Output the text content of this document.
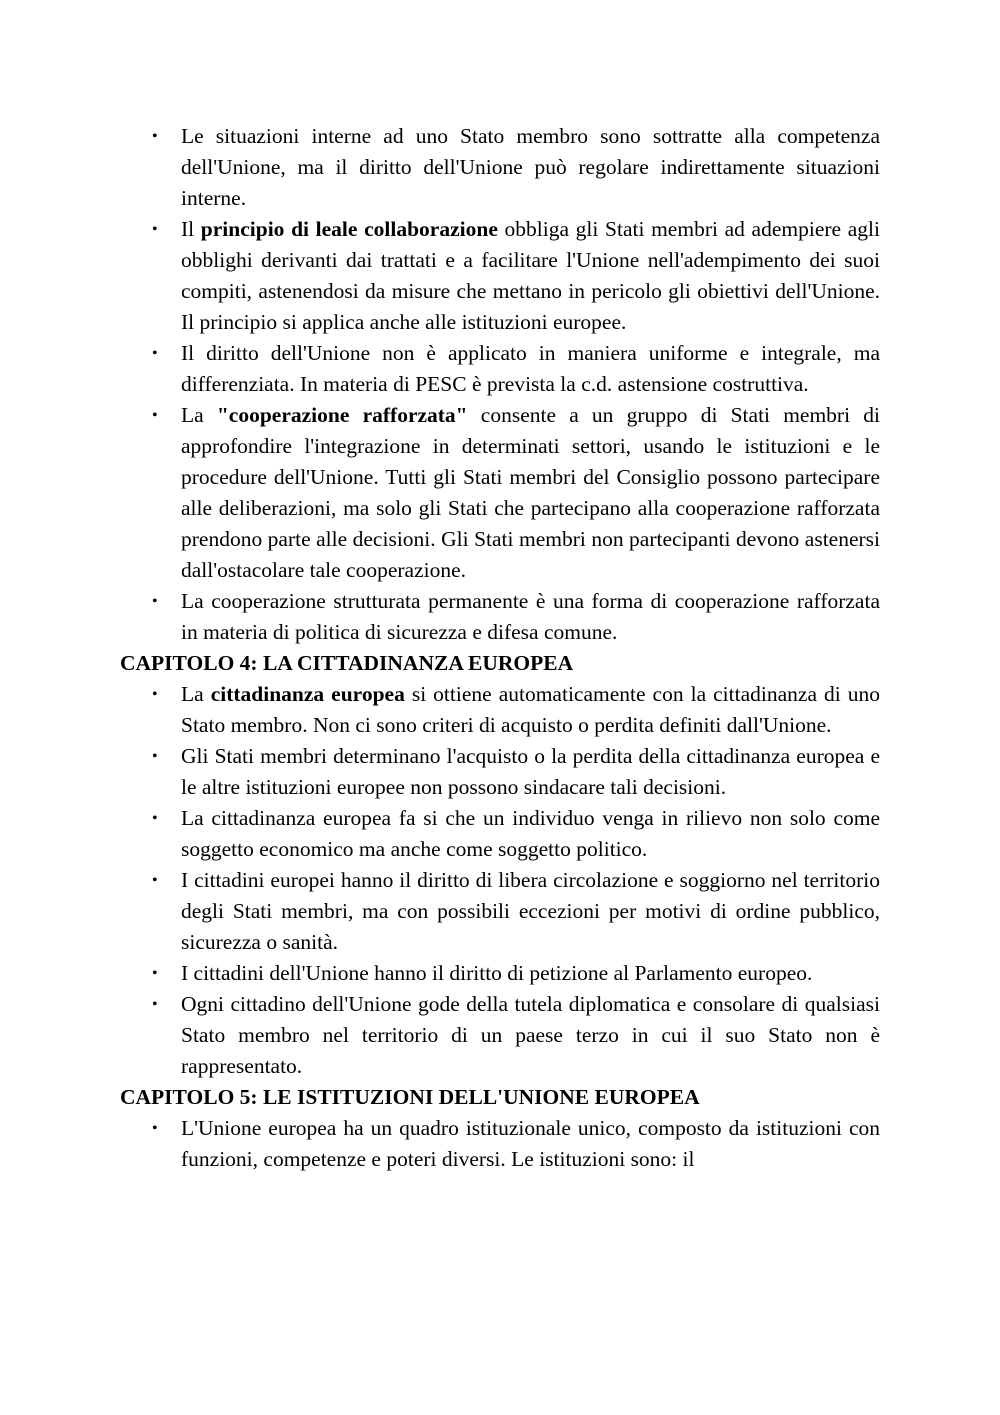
• Le situazioni interne ad uno Stato membro sono sottratte alla competenza dell'Unione, ma il diritto dell'Unione può regolare indirettamente situazioni interne.
• Il principio di leale collaborazione obbliga gli Stati membri ad adempiere agli obblighi derivanti dai trattati e a facilitare l'Unione nell'adempimento dei suoi compiti, astenendosi da misure che mettano in pericolo gli obiettivi dell'Unione. Il principio si applica anche alle istituzioni europee.
• Il diritto dell'Unione non è applicato in maniera uniforme e integrale, ma differenziata. In materia di PESC è prevista la c.d. astensione costruttiva.
• La "cooperazione rafforzata" consente a un gruppo di Stati membri di approfondire l'integrazione in determinati settori, usando le istituzioni e le procedure dell'Unione. Tutti gli Stati membri del Consiglio possono partecipare alle deliberazioni, ma solo gli Stati che partecipano alla cooperazione rafforzata prendono parte alle decisioni. Gli Stati membri non partecipanti devono astenersi dall'ostacolare tale cooperazione.
• La cooperazione strutturata permanente è una forma di cooperazione rafforzata in materia di politica di sicurezza e difesa comune.
CAPITOLO 4: LA CITTADINANZA EUROPEA
• La cittadinanza europea si ottiene automaticamente con la cittadinanza di uno Stato membro. Non ci sono criteri di acquisto o perdita definiti dall'Unione.
• Gli Stati membri determinano l'acquisto o la perdita della cittadinanza europea e le altre istituzioni europee non possono sindacare tali decisioni.
• La cittadinanza europea fa si che un individuo venga in rilievo non solo come soggetto economico ma anche come soggetto politico.
• I cittadini europei hanno il diritto di libera circolazione e soggiorno nel territorio degli Stati membri, ma con possibili eccezioni per motivi di ordine pubblico, sicurezza o sanità.
• I cittadini dell'Unione hanno il diritto di petizione al Parlamento europeo.
• Ogni cittadino dell'Unione gode della tutela diplomatica e consolare di qualsiasi Stato membro nel territorio di un paese terzo in cui il suo Stato non è rappresentato.
CAPITOLO 5: LE ISTITUZIONI DELL'UNIONE EUROPEA
• L'Unione europea ha un quadro istituzionale unico, composto da istituzioni con funzioni, competenze e poteri diversi. Le istituzioni sono: il
